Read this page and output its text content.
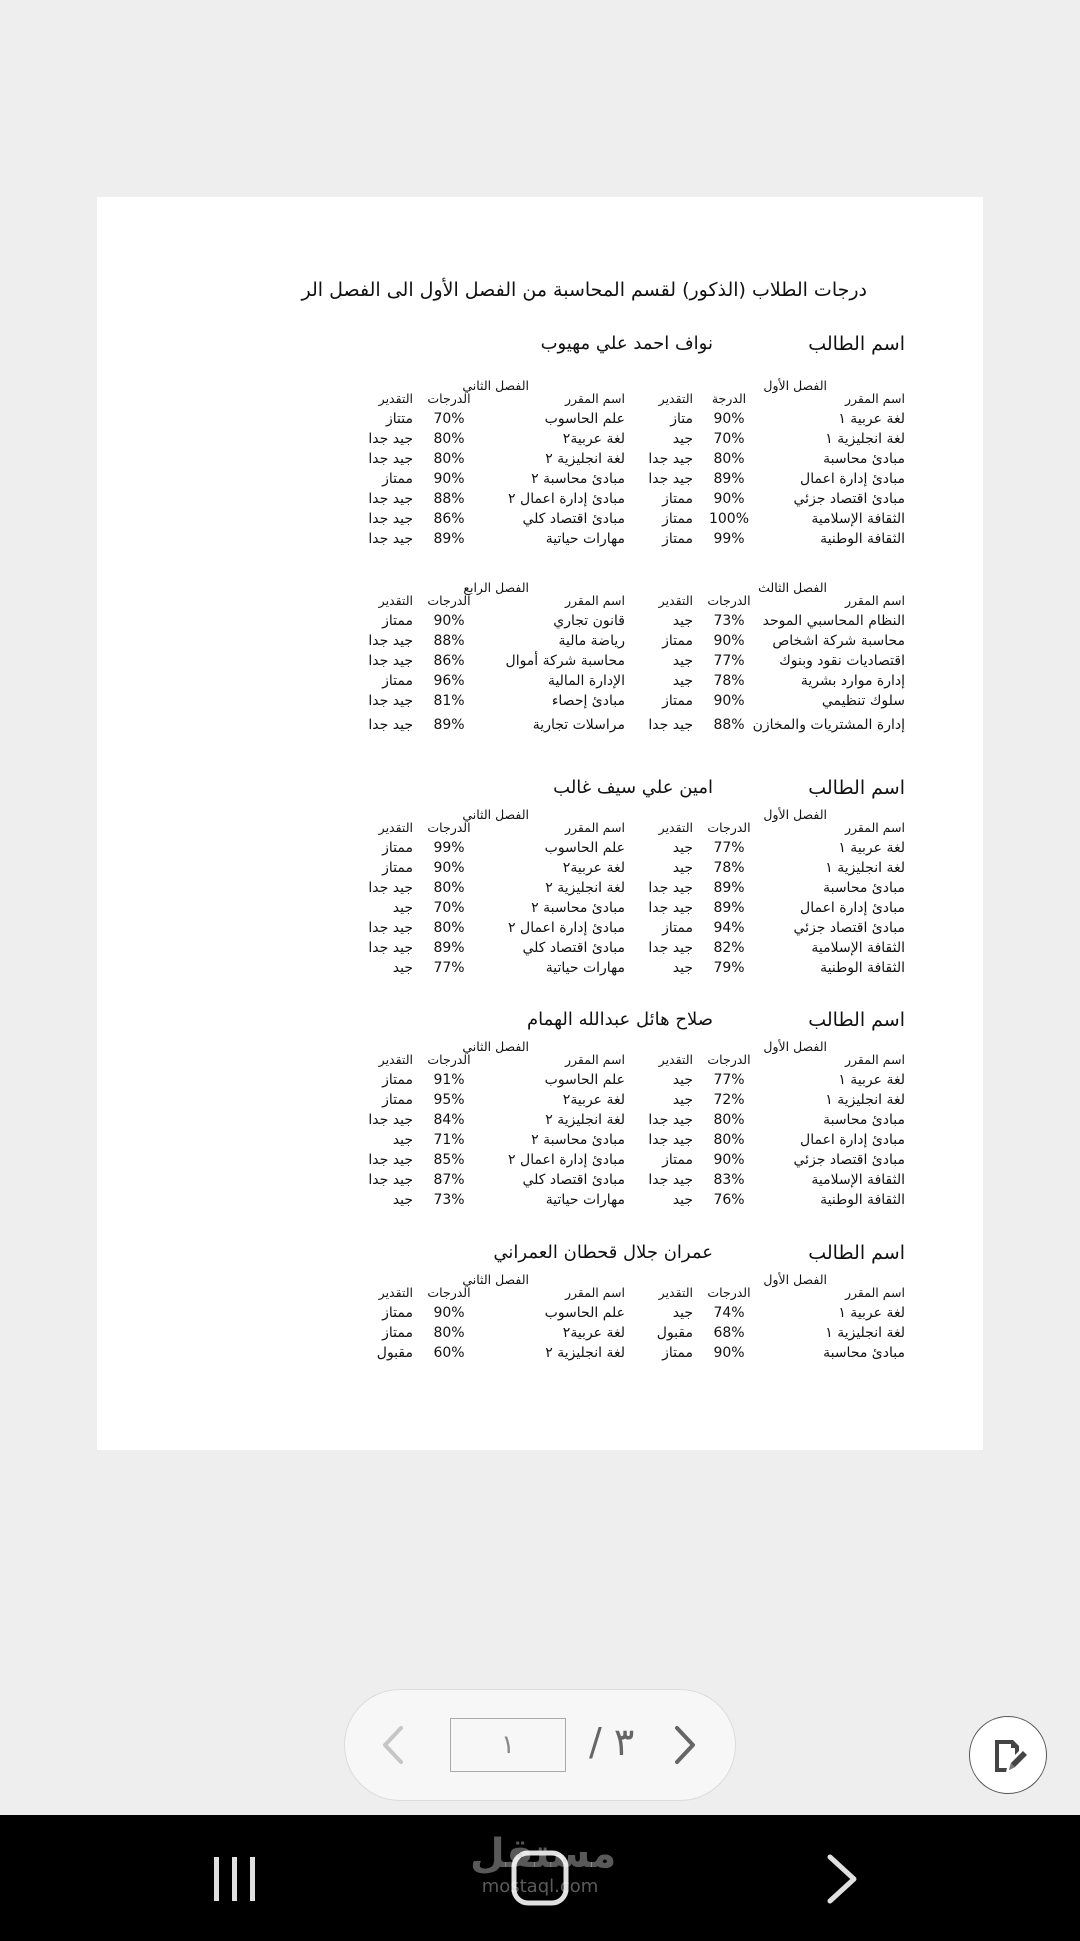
درجات الطلاب (الذكور) لقسم المحاسبة من الفصل الأول الى الفصل الر
اسم الطالب
نواف احمد علي مهيوب
الفصل الأول
اسم المقرر
الدرجة
التقدير
لغة عربية ١
90%
متاز
لغة انجليزية ١
70%
جيد
مبادئ محاسبة
80%
جيد جدا
مبادئ إدارة اعمال
89%
جيد جدا
مبادئ اقتصاد جزئي
90%
ممتاز
الثقافة الإسلامية
100%
ممتاز
الثقافة الوطنية
99%
ممتاز
الفصل الثاني
اسم المقرر
الدرجات
التقدير
علم الحاسوب
70%
متتاز
لغة عربية٢
80%
جيد جدا
لغة انجليزية ٢
80%
جيد جدا
مبادئ محاسبة ٢
90%
ممتاز
مبادئ إدارة اعمال ٢
88%
جيد جدا
مبادئ اقتصاد كلي
86%
جيد جدا
مهارات حياتية
89%
جيد جدا
الفصل الثالث
اسم المقرر
الدرجات
التقدير
النظام المحاسبي الموحد
73%
جيد
محاسبة شركة اشخاص
90%
ممتاز
اقتصاديات نقود وبنوك
77%
جيد
إدارة موارد بشرية
78%
جيد
سلوك تنظيمي
90%
ممتاز
إدارة المشتريات والمخازن
88%
جيد جدا
الفصل الرابع
اسم المقرر
الدرجات
التقدير
قانون تجاري
90%
ممتاز
رياضة مالية
88%
جيد جدا
محاسبة شركة أموال
86%
جيد جدا
الإدارة المالية
96%
ممتاز
مبادئ إحصاء
81%
جيد جدا
مراسلات تجارية
89%
جيد جدا
اسم الطالب
امين علي سيف غالب
الفصل الأول
اسم المقرر
الدرجات
التقدير
لغة عربية ١
77%
جيد
لغة انجليزية ١
78%
جيد
مبادئ محاسبة
89%
جيد جدا
مبادئ إدارة اعمال
89%
جيد جدا
مبادئ اقتصاد جزئي
94%
ممتاز
الثقافة الإسلامية
82%
جيد جدا
الثقافة الوطنية
79%
جيد
الفصل الثاني
اسم المقرر
الدرجات
التقدير
علم الحاسوب
99%
ممتاز
لغة عربية٢
90%
ممتاز
لغة انجليزية ٢
80%
جيد جدا
مبادئ محاسبة ٢
70%
جيد
مبادئ إدارة اعمال ٢
80%
جيد جدا
مبادئ اقتصاد كلي
89%
جيد جدا
مهارات حياتية
77%
جيد
اسم الطالب
صلاح هائل عبدالله الهمام
الفصل الأول
اسم المقرر
الدرجات
التقدير
لغة عربية ١
77%
جيد
لغة انجليزية ١
72%
جيد
مبادئ محاسبة
80%
جيد جدا
مبادئ إدارة اعمال
80%
جيد جدا
مبادئ اقتصاد جزئي
90%
ممتاز
الثقافة الإسلامية
83%
جيد جدا
الثقافة الوطنية
76%
جيد
الفصل الثاني
اسم المقرر
الدرجات
التقدير
علم الحاسوب
91%
ممتاز
لغة عربية٢
95%
ممتاز
لغة انجليزية ٢
84%
جيد جدا
مبادئ محاسبة ٢
71%
جيد
مبادئ إدارة اعمال ٢
85%
جيد جدا
مبادئ اقتصاد كلي
87%
جيد جدا
مهارات حياتية
73%
جيد
اسم الطالب
عمران جلال قحطان العمراني
الفصل الأول
اسم المقرر
الدرجات
التقدير
لغة عربية ١
74%
جيد
لغة انجليزية ١
68%
مقبول
مبادئ محاسبة
90%
ممتاز
الفصل الثاني
اسم المقرر
الدرجات
التقدير
علم الحاسوب
90%
ممتاز
لغة عربية٢
80%
ممتاز
لغة انجليزية ٢
60%
مقبول
١
/ ٣
مستقل
mostaql.com
